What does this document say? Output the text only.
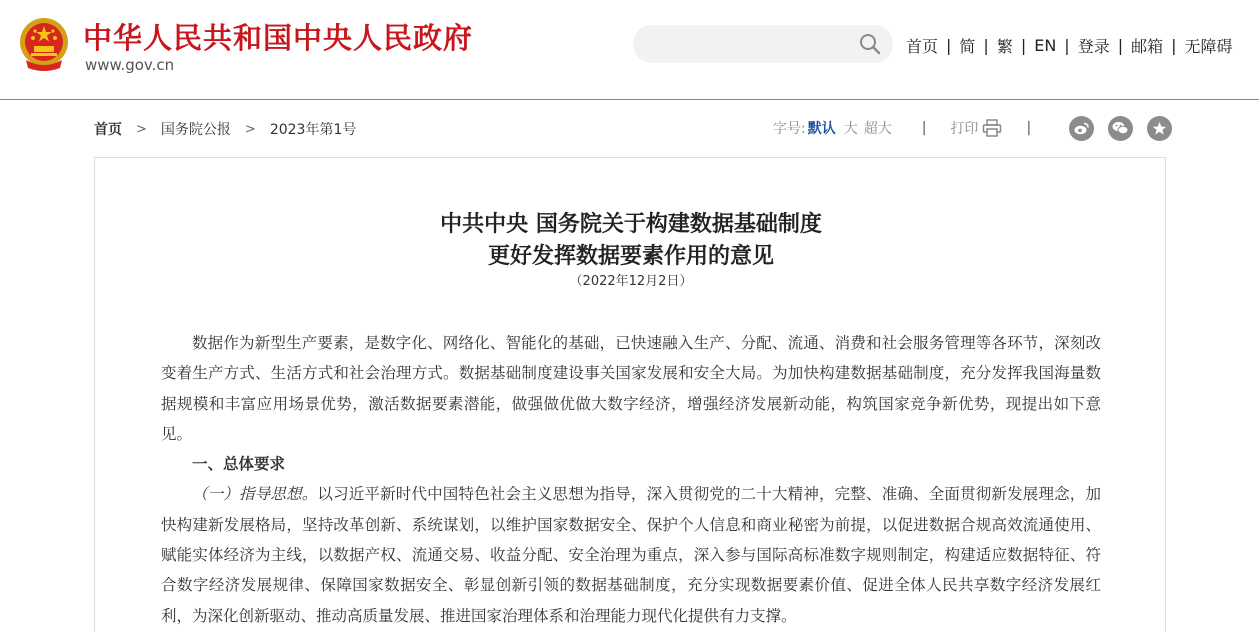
中华人民共和国中央人民政府
www.gov.cn
首页 | 简 | 繁 | EN | 登录 | 邮箱 | 无障碍
首页 > 国务院公报 > 2023年第1号	字号: 默认 大 超大 | 打印	|
中共中央 国务院关于构建数据基础制度
更好发挥数据要素作用的意见
（2022年12月2日）

数据作为新型生产要素，是数字化、网络化、智能化的基础，已快速融入生产、分配、流通、消费和社会服务管理等各环节，深刻改变着生产方式、生活方式和社会治理方式。数据基础制度建设事关国家发展和安全大局。为加快构建数据基础制度，充分发挥我国海量数据规模和丰富应用场景优势，激活数据要素潜能，做强做优做大数字经济，增强经济发展新动能，构筑国家竞争新优势，现提出如下意见。

一、总体要求

（一）指导思想。以习近平新时代中国特色社会主义思想为指导，深入贯彻党的二十大精神，完整、准确、全面贯彻新发展理念，加快构建新发展格局，坚持改革创新、系统谋划，以维护国家数据安全、保护个人信息和商业秘密为前提，以促进数据合规高效流通使用、赋能实体经济为主线，以数据产权、流通交易、收益分配、安全治理为重点，深入参与国际高标准数字规则制定，构建适应数据特征、符合数字经济发展规律、保障国家数据安全、彰显创新引领的数据基础制度，充分实现数据要素价值、促进全体人民共享数字经济发展红利，为深化创新驱动、推动高质量发展、推进国家治理体系和治理能力现代化提供有力支撑。
